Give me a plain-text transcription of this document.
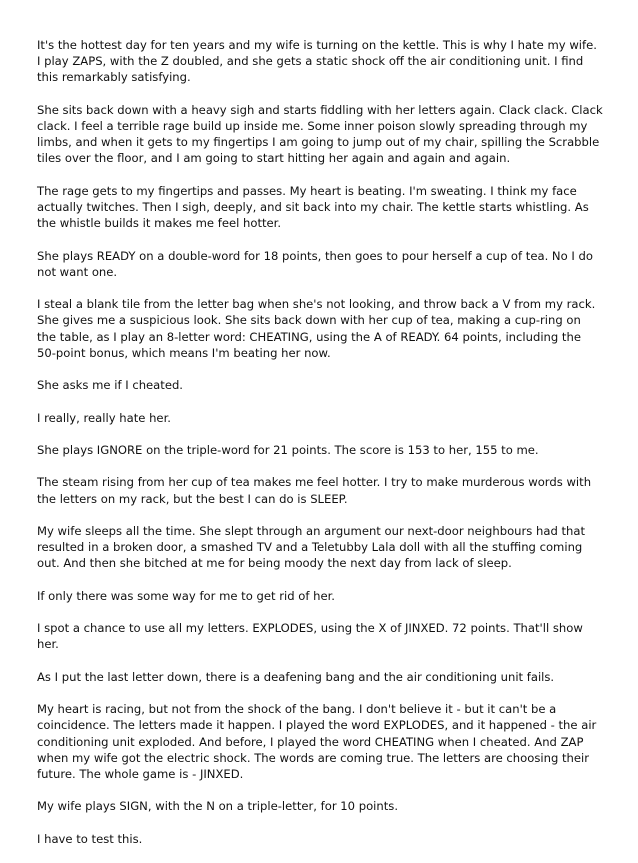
It's the hottest day for ten years and my wife is turning on the kettle. This is why I hate my wife. I play ZAPS, with the Z doubled, and she gets a static shock off the air conditioning unit. I find this remarkably satisfying.

She sits back down with a heavy sigh and starts fiddling with her letters again. Clack clack. Clack clack. I feel a terrible rage build up inside me. Some inner poison slowly spreading through my limbs, and when it gets to my fingertips I am going to jump out of my chair, spilling the Scrabble tiles over the floor, and I am going to start hitting her again and again and again.

The rage gets to my fingertips and passes. My heart is beating. I'm sweating. I think my face actually twitches. Then I sigh, deeply, and sit back into my chair. The kettle starts whistling. As the whistle builds it makes me feel hotter.

She plays READY on a double-word for 18 points, then goes to pour herself a cup of tea. No I do not want one.

I steal a blank tile from the letter bag when she's not looking, and throw back a V from my rack. She gives me a suspicious look. She sits back down with her cup of tea, making a cup-ring on the table, as I play an 8-letter word: CHEATING, using the A of READY. 64 points, including the 50-point bonus, which means I'm beating her now.

She asks me if I cheated.

I really, really hate her.

She plays IGNORE on the triple-word for 21 points. The score is 153 to her, 155 to me.

The steam rising from her cup of tea makes me feel hotter. I try to make murderous words with the letters on my rack, but the best I can do is SLEEP.

My wife sleeps all the time. She slept through an argument our next-door neighbours had that resulted in a broken door, a smashed TV and a Teletubby Lala doll with all the stuffing coming out. And then she bitched at me for being moody the next day from lack of sleep.

If only there was some way for me to get rid of her.

I spot a chance to use all my letters. EXPLODES, using the X of JINXED. 72 points. That'll show her.

As I put the last letter down, there is a deafening bang and the air conditioning unit fails.

My heart is racing, but not from the shock of the bang. I don't believe it - but it can't be a coincidence. The letters made it happen. I played the word EXPLODES, and it happened - the air conditioning unit exploded. And before, I played the word CHEATING when I cheated. And ZAP when my wife got the electric shock. The words are coming true. The letters are choosing their future. The whole game is - JINXED.

My wife plays SIGN, with the N on a triple-letter, for 10 points.

I have to test this.
